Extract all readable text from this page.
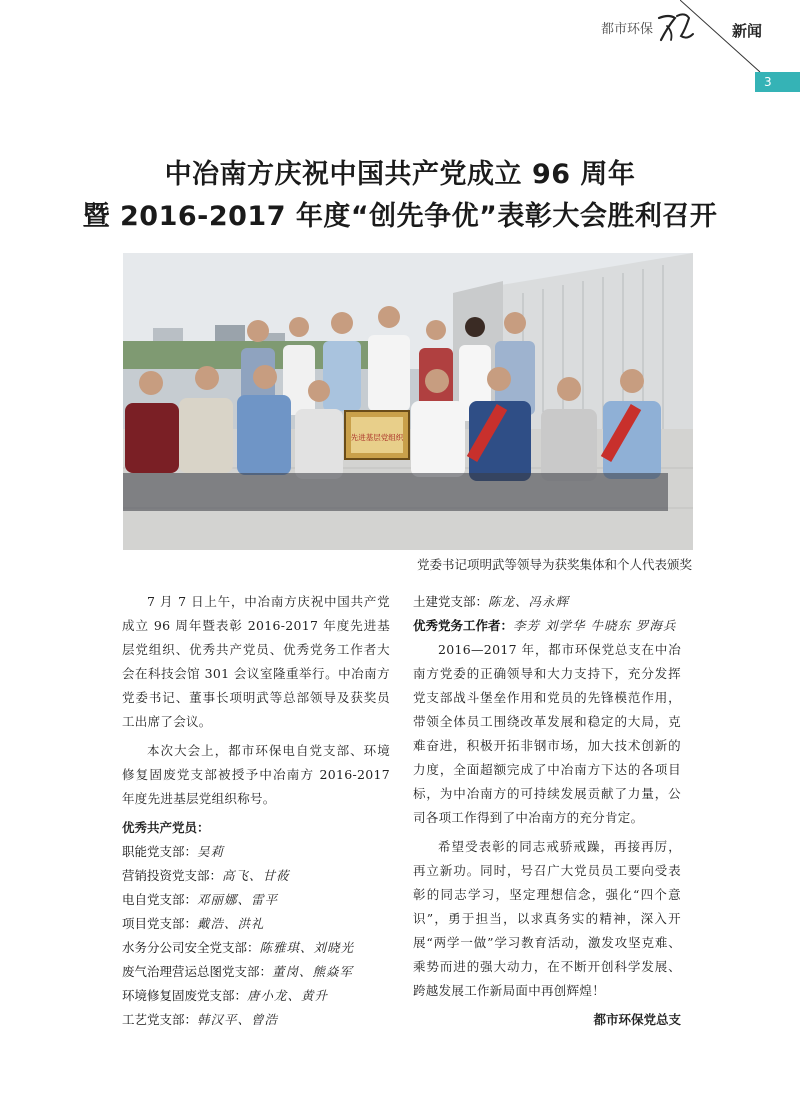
都市环保	新闻
3
中冶南方庆祝中国共产党成立 96 周年
暨 2016-2017 年度“创先争优”表彰大会胜利召开
先进基层党组织
党委书记项明武等领导为获奖集体和个人代表颁奖

7 月 7 日上午，中冶南方庆祝中国共产党成立 96 周年暨表彰 2016-2017 年度先进基层党组织、优秀共产党员、优秀党务工作者大会在科技会馆 301 会议室隆重举行。中冶南方党委书记、董事长项明武等总部领导及获奖员工出席了会议。

本次大会上，都市环保电自党支部、环境修复固废党支部被授予中冶南方 2016-2017 年度先进基层党组织称号。

优秀共产党员：
职能党支部：吴莉
营销投资党支部：高飞、甘莜
电自党支部：邓丽娜、雷平
项目党支部：戴浩、洪礼
水务分公司安全党支部：陈雅琪、刘晓光
废气治理营运总图党支部：董岗、熊焱军
环境修复固废党支部：唐小龙、黄升
工艺党支部：韩汉平、曾浩
土建党支部：陈龙、冯永辉
优秀党务工作者：李芳 刘学华 牛晓东 罗海兵

2016—2017 年，都市环保党总支在中冶南方党委的正确领导和大力支持下，充分发挥党支部战斗堡垒作用和党员的先锋模范作用，带领全体员工围绕改革发展和稳定的大局，克难奋进，积极开拓非钢市场，加大技术创新的力度，全面超额完成了中冶南方下达的各项目标，为中冶南方的可持续发展贡献了力量，公司各项工作得到了中冶南方的充分肯定。

希望受表彰的同志戒骄戒躁，再接再厉，再立新功。同时，号召广大党员员工要向受表彰的同志学习，坚定理想信念，强化“四个意识”，勇于担当，以求真务实的精神，深入开展“两学一做”学习教育活动，激发攻坚克难、乘势而进的强大动力，在不断开创科学发展、跨越发展工作新局面中再创辉煌！

都市环保党总支
